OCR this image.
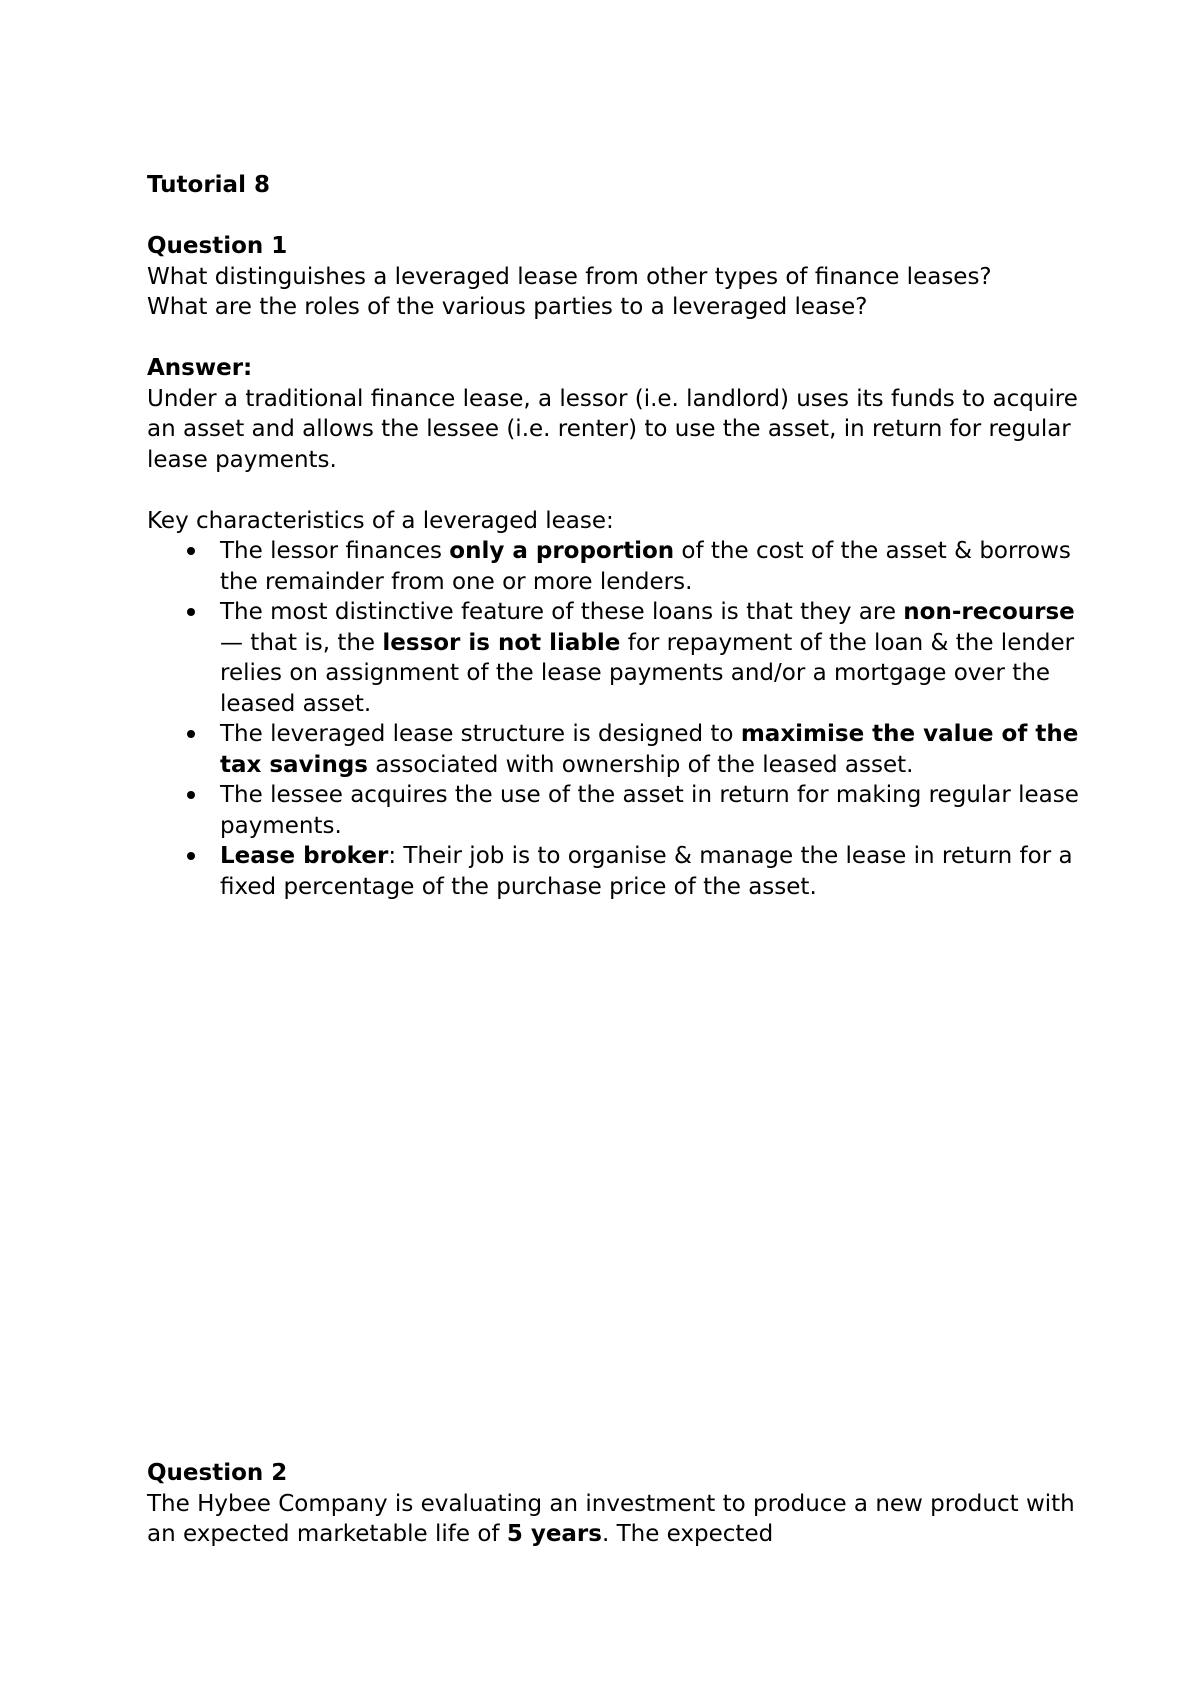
Tutorial 8

Question 1

What distinguishes a leveraged lease from other types of finance leases?

What are the roles of the various parties to a leveraged lease?

Answer:

Under a traditional finance lease, a lessor (i.e. landlord) uses its funds to acquire an asset and allows the lessee (i.e. renter) to use the asset, in return for regular lease payments.

Key characteristics of a leveraged lease:

The lessor finances only a proportion of the cost of the asset & borrows the remainder from one or more lenders.
The most distinctive feature of these loans is that they are non-recourse — that is, the lessor is not liable for repayment of the loan & the lender relies on assignment of the lease payments and/or a mortgage over the leased asset.
The leveraged lease structure is designed to maximise the value of the tax savings associated with ownership of the leased asset.
The lessee acquires the use of the asset in return for making regular lease payments.
Lease broker: Their job is to organise & manage the lease in return for a fixed percentage of the purchase price of the asset.

Question 2

The Hybee Company is evaluating an investment to produce a new product with an expected marketable life of 5 years. The expected
